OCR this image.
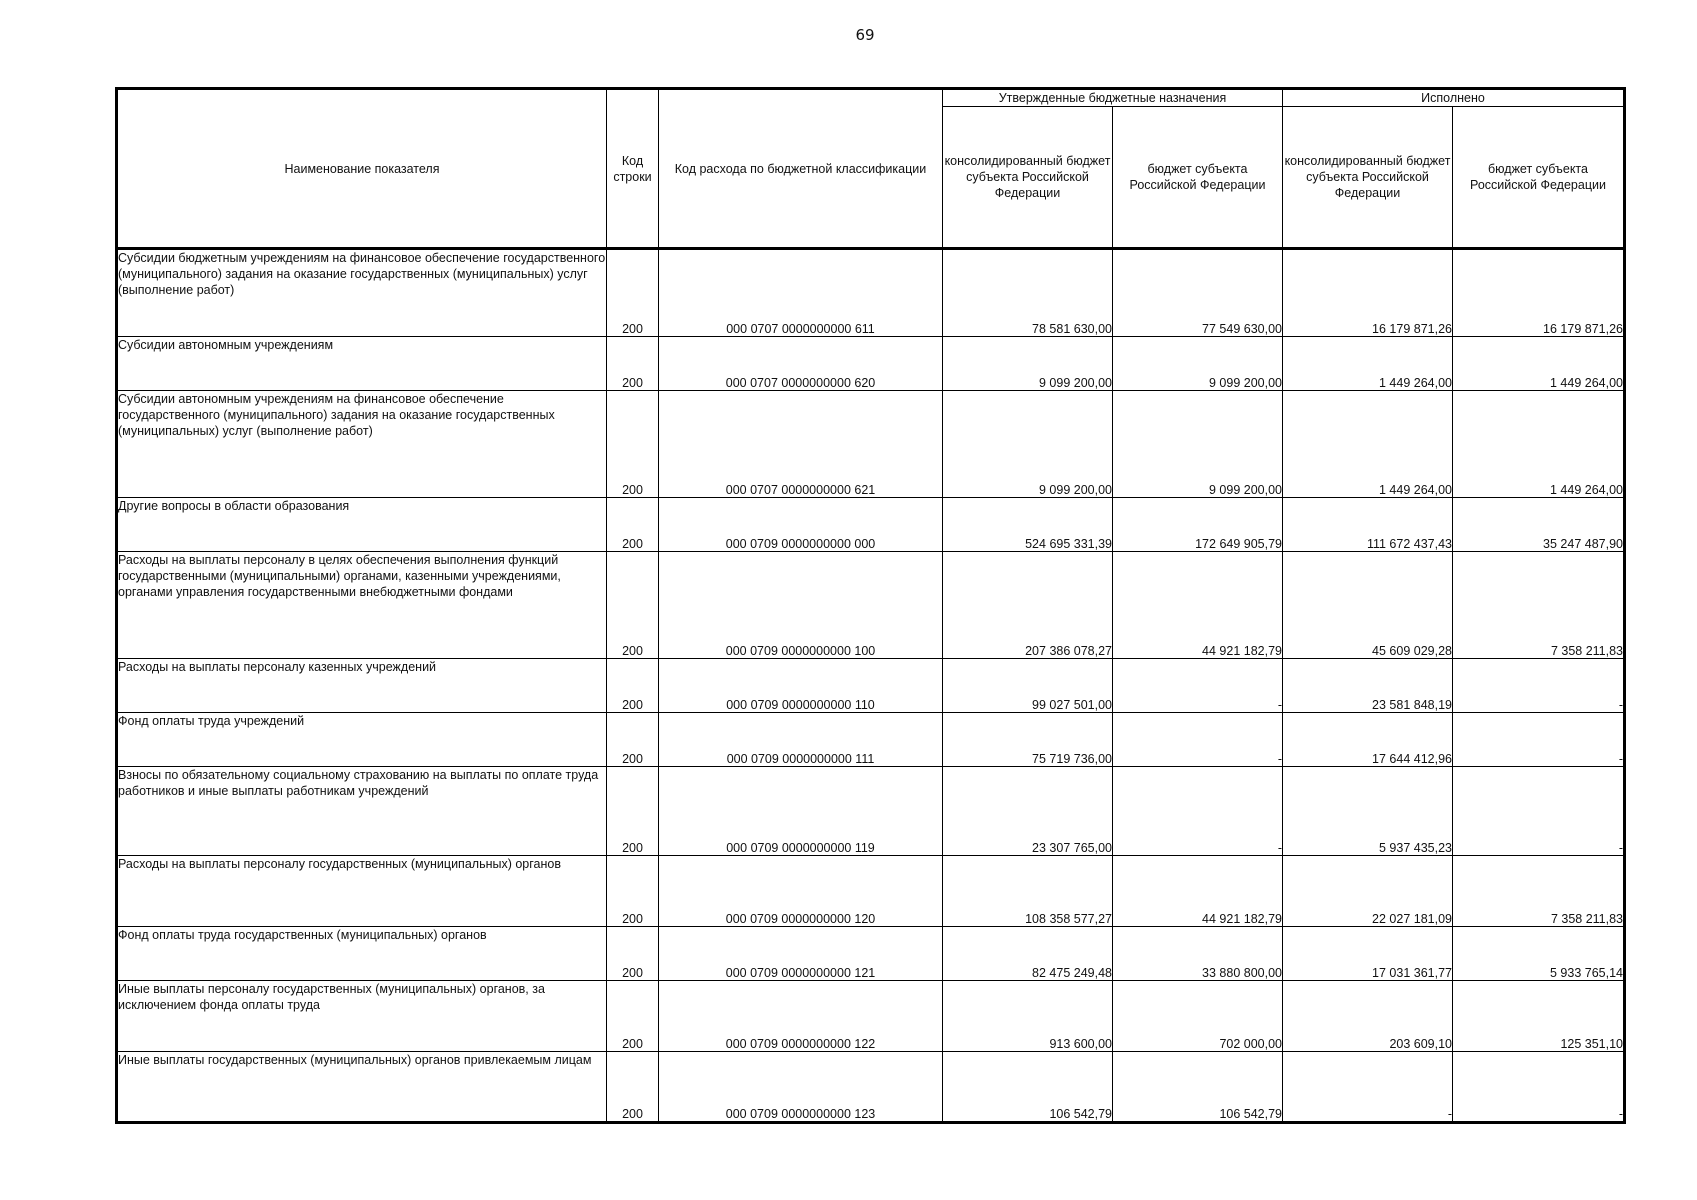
69
Наименование показателя	Код строки	Код расхода по бюджетной классификации	Утвержденные бюджетные назначения		Исполнено	
			консолидированный бюджет субъекта Российской Федерации	бюджет субъекта Российской Федерации	консолидированный бюджет субъекта Российской Федерации	бюджет субъекта Российской Федерации
Субсидии бюджетным учреждениям на финансовое обеспечение государственного (муниципального) задания на оказание государственных (муниципальных) услуг (выполнение работ)	200	000 0707 0000000000 611	78 581 630,00	77 549 630,00	16 179 871,26	16 179 871,26
Субсидии автономным учреждениям	200	000 0707 0000000000 620	9 099 200,00	9 099 200,00	1 449 264,00	1 449 264,00
Субсидии автономным учреждениям на финансовое обеспечение государственного (муниципального) задания на оказание государственных (муниципальных) услуг (выполнение работ)	200	000 0707 0000000000 621	9 099 200,00	9 099 200,00	1 449 264,00	1 449 264,00
Другие вопросы в области образования	200	000 0709 0000000000 000	524 695 331,39	172 649 905,79	111 672 437,43	35 247 487,90
Расходы на выплаты персоналу в целях обеспечения выполнения функций государственными (муниципальными) органами, казенными учреждениями, органами управления государственными внебюджетными фондами	200	000 0709 0000000000 100	207 386 078,27	44 921 182,79	45 609 029,28	7 358 211,83
Расходы на выплаты персоналу казенных учреждений	200	000 0709 0000000000 110	99 027 501,00	-	23 581 848,19	-
Фонд оплаты труда учреждений	200	000 0709 0000000000 111	75 719 736,00	-	17 644 412,96	-
Взносы по обязательному социальному страхованию на выплаты по оплате труда работников и иные выплаты работникам учреждений	200	000 0709 0000000000 119	23 307 765,00	-	5 937 435,23	-
Расходы на выплаты персоналу государственных (муниципальных) органов	200	000 0709 0000000000 120	108 358 577,27	44 921 182,79	22 027 181,09	7 358 211,83
Фонд оплаты труда государственных (муниципальных) органов	200	000 0709 0000000000 121	82 475 249,48	33 880 800,00	17 031 361,77	5 933 765,14
Иные выплаты персоналу государственных (муниципальных) органов, за исключением фонда оплаты труда	200	000 0709 0000000000 122	913 600,00	702 000,00	203 609,10	125 351,10
Иные выплаты государственных (муниципальных) органов привлекаемым лицам	200	000 0709 0000000000 123	106 542,79	106 542,79	-	-
